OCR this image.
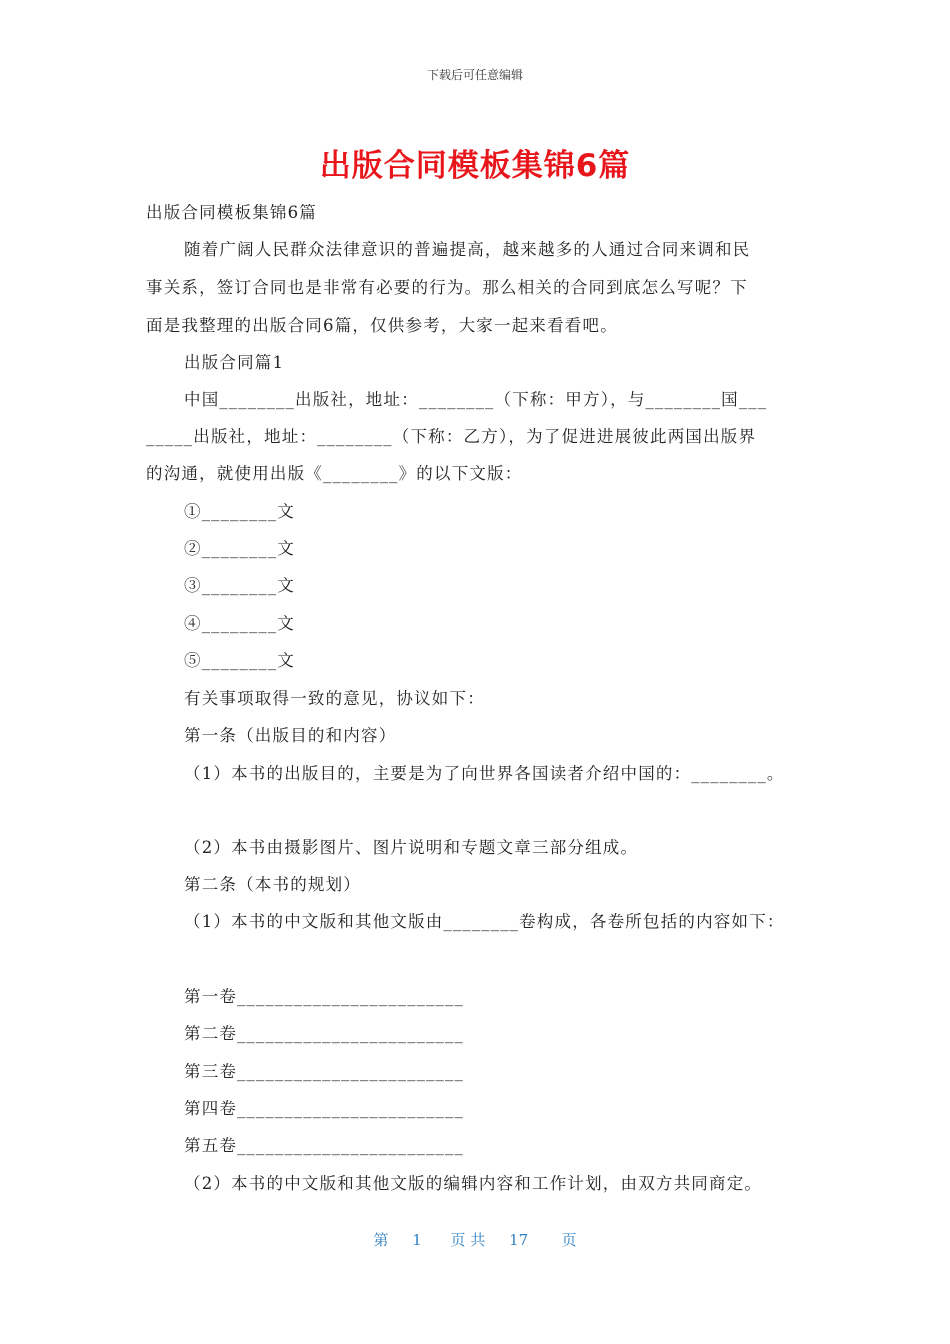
下载后可任意编辑
出版合同模板集锦6篇
出版合同模板集锦6篇
随着广阔人民群众法律意识的普遍提高，越来越多的人通过合同来调和民
事关系，签订合同也是非常有必要的行为。那么相关的合同到底怎么写呢？下
面是我整理的出版合同6篇，仅供参考，大家一起来看看吧。
出版合同篇1
中国________出版社，地址：________（下称：甲方），与________国___
_____出版社，地址：________（下称：乙方），为了促进进展彼此两国出版界
的沟通，就使用出版《________》的以下文版：
①________文
②________文
③________文
④________文
⑤________文
有关事项取得一致的意见，协议如下：
第一条（出版目的和内容）
（1）本书的出版目的，主要是为了向世界各国读者介绍中国的：________。
（2）本书由摄影图片、图片说明和专题文章三部分组成。
第二条（本书的规划）
（1）本书的中文版和其他文版由________卷构成，各卷所包括的内容如下：
第一卷________________________
第二卷________________________
第三卷________________________
第四卷________________________
第五卷________________________
（2）本书的中文版和其他文版的编辑内容和工作计划，由双方共同商定。
第 1 页 共 17 页
